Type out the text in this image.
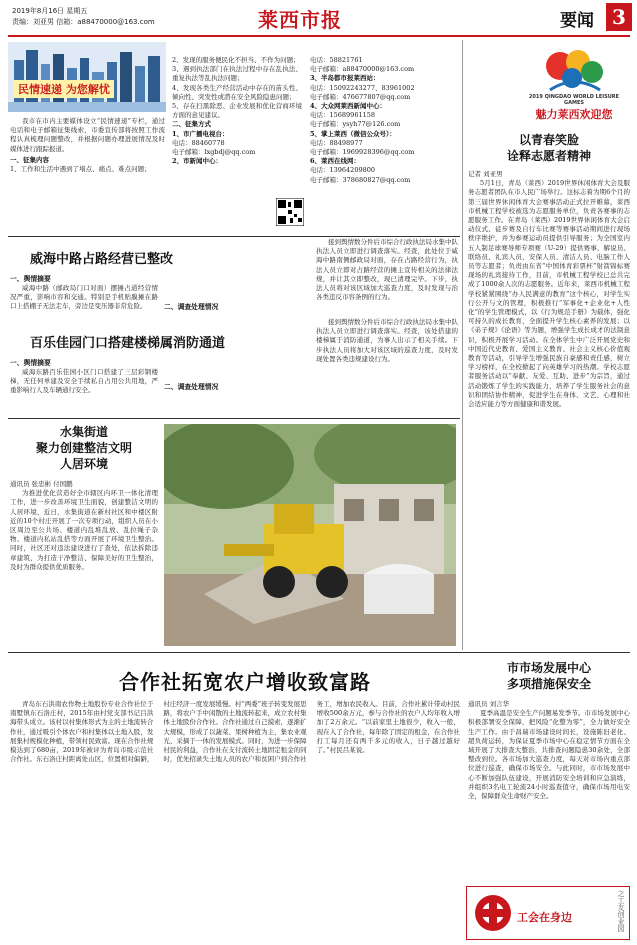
2019年8月16日 星期五
责编：刘亚男 信箱：a88470000@163.com	莱西市报	要闻 3
民情速递 为您解忧
我市在市内主要媒体设立“民情速递”专栏，通过电话和电子邮箱征集线索，市委宣传部将按照工作流程认真梳理问题整改，并根据问题办理进展情况及时媒体进行跟踪报道。
一、征集内容
1、工作和生活中遇到了堵点、痛点、难点问题；
2、发现的服务便民化不担当、不作为问题；
3、遇到执法部门在执法过程中存在乱执法、重复执法等乱执法问题；
4、发现各类生产经营活动中存在的苗头性、倾向性、突发性或潜在安全风险隐患问题；
5、存在扫黑除恶、企业发展和优化营商环境方面的意见建议。
二、征集方式
1、市广播电视台：
电话：88460778
电子邮箱：lxgbdj@qq.com
2、市新闻中心：
电话：58821761
电子邮箱：a88470000@163.com
3、半岛都市报莱西站：
电话：15092243277、83961002
电子邮箱：476677807@qq.com
4、大众网莱西新闻中心：
电话：15689961158
电子邮箱：ysyh77@126.com
5、掌上莱西（微信公众号）：
电话：88498977
电子邮箱：1969928396@qq.com
6、莱西在线网：
电话：13964209800
电子邮箱：378680827@qq.com
2019 QINGDAO WORLD LEISURE GAMES
魅力莱西欢迎您
以青春笑脸
诠释志愿者精神
记者 刘亚男
5月1日，青岛（莱西）2019世界休闲体育大会及服务志愿者团队在市人民广场举行。这标志着为期6个月的第三届世界休闲体育大会赛事活动正式拉开帷幕，莱西市机械工程学校被选为志愿服务单位，负责各赛事的志愿服务工作。在青岛（莱西）2019世界休闲体育大会启动仪式、徒步赛及自行车比赛等赛事活动期间进行现场秩序维护，并为参赛运动员提供引导服务；为全国室内五人制足球赛导师专项赛（U-29）提供赛事、解说员、联络员、礼宾人员、安保人员、清洁人员、电脑工作人员等志愿者；负责由东省“中国体育彩票杯”射箭锦标赛现场的礼宾接待工作，目前，市机械工程学校已总共完成了1000余人次的志愿服务。近年来，莱西市机械工程学校紧紧围绕“办人民满意的教育”这个核心，对学生实行公开与文的管理，积极推行“军事化+企业化+人性化”的学生管理模式，以《行为规范手册》为载体，强化可持久的成长教育，全面提升学生核心素养的发展；以《弟子规》《论语》等为题，增强学生成长成才的法制意识，积极开展学习活动。在全体学生中广泛开展党史和中国近代史教育、爱国主义教育、社会主义核心价值观教育等活动，引导学生增强民族自豪感和责任感，树立学习榜样，在全校掀起了向英雄学习的热潮。学校志愿者服务活动以“奉献、友爱、互助、进步”为宗旨，通过活动锻炼了学生的实践能力，培养了学生服务社会的意识和团结协作精神，促进学生在身体、文艺、心理和社会适应能力等方面健康和谐发展。
威海中路占路经营已整改
一、舆情摘要
威海中路（邮政局门口对面）摆摊占道经营情况严重，影响市容和交通。特别是手机贴膜摊在路口上搭棚子无法走车，旁边是变压器非常危险。	二、调查处理情况
接到舆情数分件后市综合行政执法局水集中队执法人员立即进行调查落实。经查，此处位于威海中路南侧邮政局对面，存在占路经营行为，执法人员立即对占路经营的摊主宣传相关的法律法规，并让其立即整改，现已清理完毕。下步，执法人员将对该区域加大巡查力度，及时发现与治各类违反市容条例的行为。
百乐佳园门口搭建楼梯属消防通道
一、舆情摘要
威海东路百乐佳园小区门口搭建了三层彩钢楼梯，无任何单建及安全手续私自占用公共用地，严重影响行人及车辆通行安全。	二、调查处理情况
接到舆情数分件后市综合行政执法局水集中队执法人员立即进行调查落实。经查，该处搭建的楼梯属于消防通道，为事人出示了相关手续。下步执法人员将加大对该区域的巡查力度，及时发现处置各类违规建设行为。
水集街道
聚力创建整洁文明
人居环境
通讯员 张忠彬 付国鹏
为推进优化营造好全市辖区内环卫一体化清理工作，进一步改善环境卫生面貌，创建整洁文明的人居环境，近日，水集街道在新村社区和中楼区附近的10个村庄开展了一次专项行动，组织人员在小区周边至公共场、楼道内乱堆乱放、乱拉绳子杂物、楼道内私站乱搭等方面开展了环境卫生整治。同时，社区还对违法建设进行了查处，依法拆除违章建筑，为打造干净整洁、保障美好的卫生整治，及时为群众提供优质服务。
市市场发展中心
多项措施保安全
通讯员 刘言华
夏季高温是安全生产问题易发季节。市市场发展中心积极部署安全保障，把风险“化整为零”，全力做好安全生产工作。由于昌瑞市场建设时间长，设施陈旧老化、超负荷运转，为保证夏季市场中心在稳定情节方面在全域开展了大排查大整治，共排查问题隐患30余处，全部整改到位。各市场加大巡查力度，每天对市场内重点部位进行巡查，确保市场安全。与此同时，市市场发展中心不断加强队伍建设，开展消防安全培训和应急演练，并组织3名电工轮流24小时巡查值守，确保市场用电安全，保障群众生命财产安全。
合作社拓宽农户增收致富路
青岛东石洪南农作物土地股份专业合作社位于南墅镇东石洛庄村，2015年由村党支部书记吕洪海带头成立。该村以村集体形式为主的土地流转合作社，通过吸引个体农户和村集体以土地入股，发展集村规模化种植，带领村民致富。现在合作社规模达到了680亩，2019年被评为青岛市级示范社合作社。东石洛庄村距离处山区，位置相对偏僻，村庄经济一度发展缓慢。村“两委”班子转变发展思路，将农户手中闲散的土地流转起来，成立农村集体土地股份合作社。合作社通过自己摸索，逐渐扩大规模，形成了以蔬菜、果树种植为主，集农业观光、采摘于一体的发展模式。同时，为进一步保障村民的利益，合作社在支付流转土地固定租金的同时，优先招录失土地人员的农户和贫困户到合作社务工，增加农民收入。目前，合作社累计带动村民增收500余万元，参与合作社的农户人均年收入增加了2万余元。“以前家里土地很少，收入一般，现在入了合作社，每年除了固定的租金，在合作社打工每月还有两千多元的收入，日子越过越好了。”村民吕某说。
工会在身边	之工友创业园
